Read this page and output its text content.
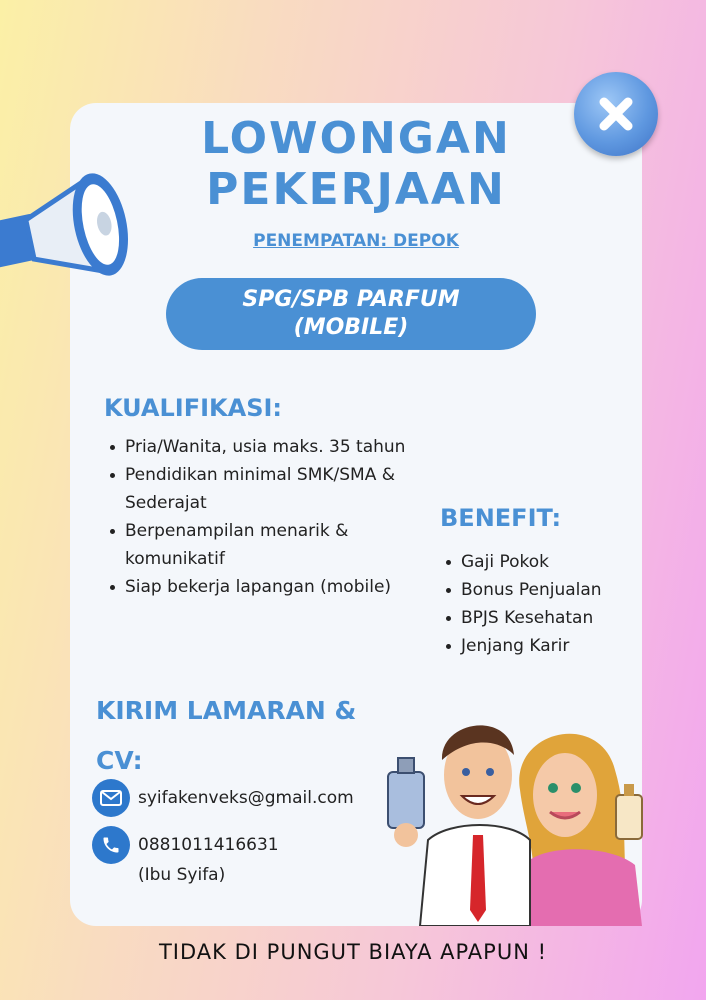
LOWONGAN
PEKERJAAN
PENEMPATAN: DEPOK
SPG/SPB PARFUM
(MOBILE)
KUALIFIKASI:
Pria/Wanita, usia maks. 35 tahun
Pendidikan minimal SMK/SMA &
Sederajat
Berpenampilan menarik &
komunikatif
Siap bekerja lapangan (mobile)
BENEFIT:
Gaji Pokok
Bonus Penjualan
BPJS Kesehatan
Jenjang Karir
KIRIM LAMARAN &
CV:
syifakenveks@gmail.com
0881011416631
(Ibu Syifa)
TIDAK DI PUNGUT BIAYA APAPUN !
